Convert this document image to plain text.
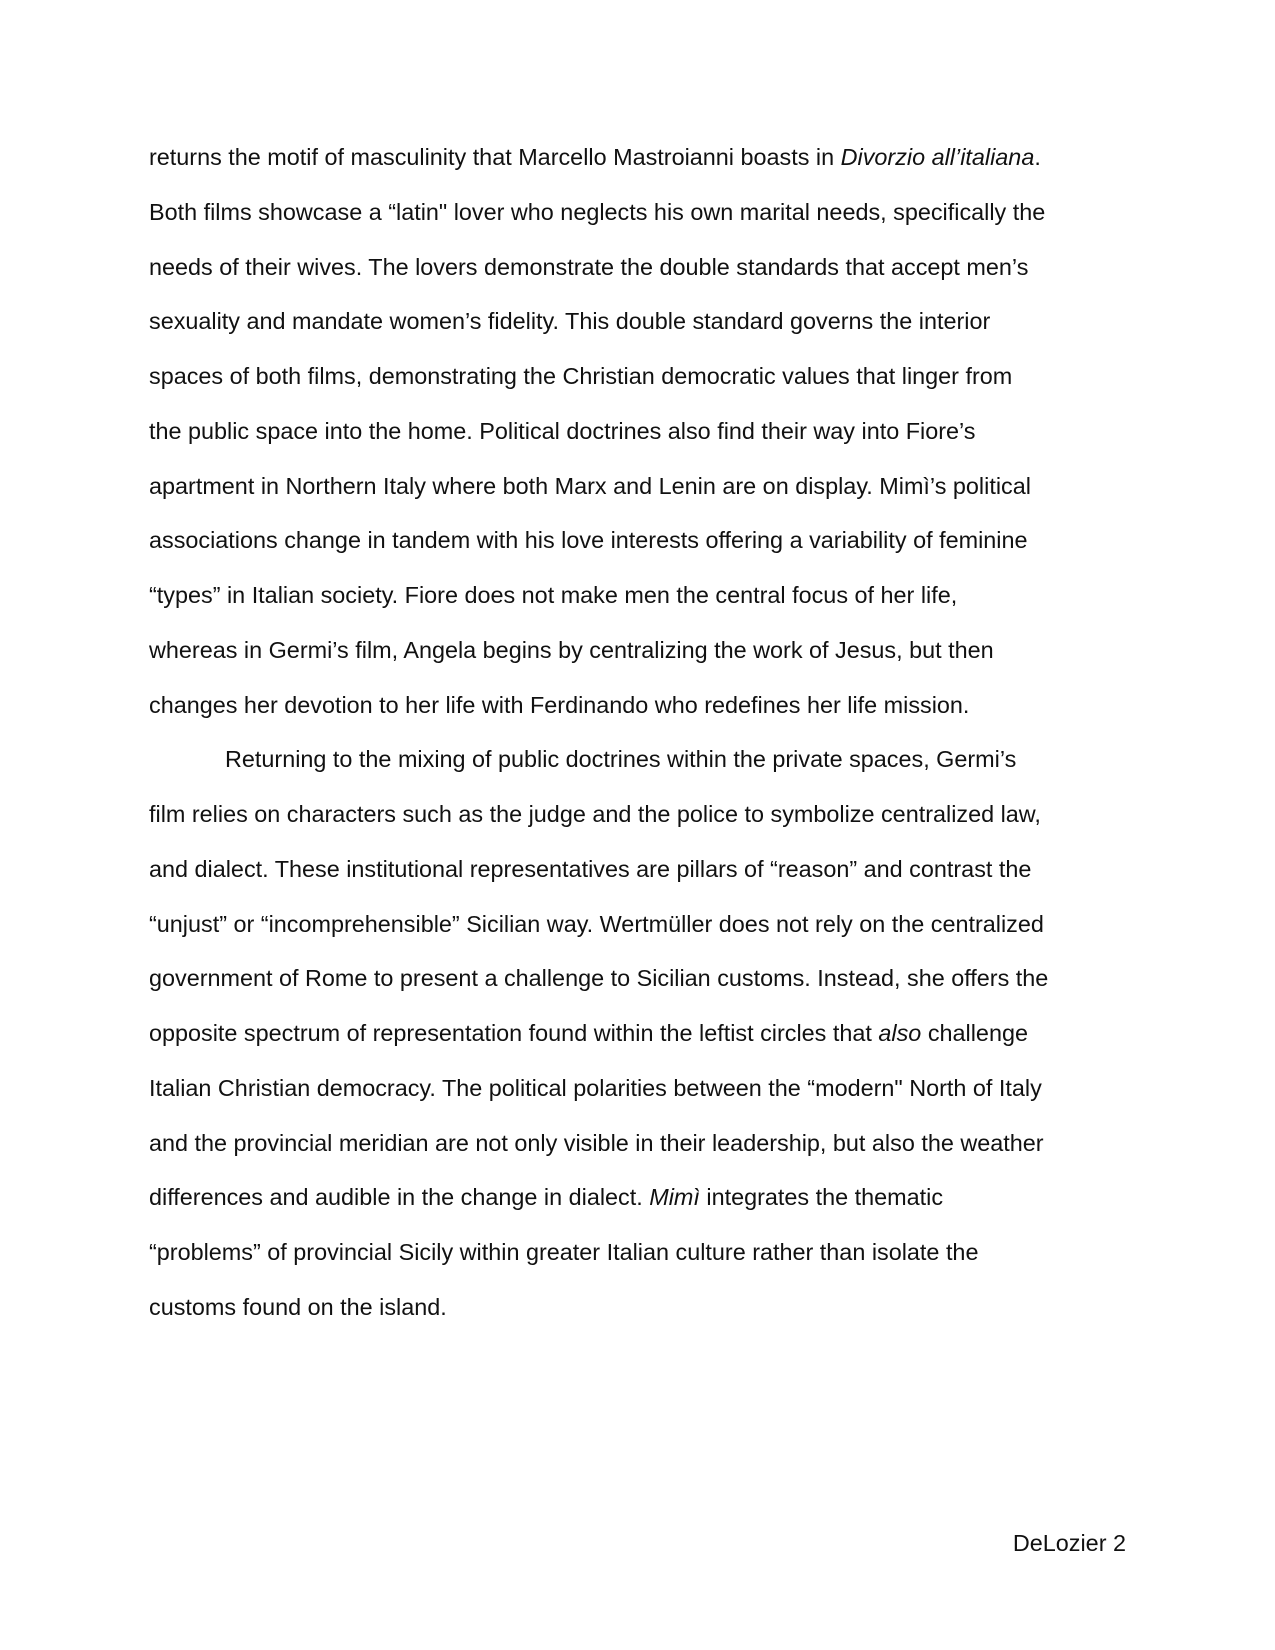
returns the motif of masculinity that Marcello Mastroianni boasts in Divorzio all’italiana.
Both films showcase a “latin" lover who neglects his own marital needs, specifically the
needs of their wives. The lovers demonstrate the double standards that accept men’s
sexuality and mandate women’s fidelity. This double standard governs the interior
spaces of both films, demonstrating the Christian democratic values that linger from
the public space into the home. Political doctrines also find their way into Fiore’s
apartment in Northern Italy where both Marx and Lenin are on display. Mimì’s political
associations change in tandem with his love interests offering a variability of feminine
“types” in Italian society. Fiore does not make men the central focus of her life,
whereas in Germi’s film, Angela begins by centralizing the work of Jesus, but then
changes her devotion to her life with Ferdinando who redefines her life mission.
Returning to the mixing of public doctrines within the private spaces, Germi’s
film relies on characters such as the judge and the police to symbolize centralized law,
and dialect. These institutional representatives are pillars of “reason” and contrast the
“unjust” or “incomprehensible” Sicilian way. Wertmüller does not rely on the centralized
government of Rome to present a challenge to Sicilian customs. Instead, she offers the
opposite spectrum of representation found within the leftist circles that also challenge
Italian Christian democracy. The political polarities between the “modern" North of Italy
and the provincial meridian are not only visible in their leadership, but also the weather
differences and audible in the change in dialect. Mimì integrates the thematic
“problems” of provincial Sicily within greater Italian culture rather than isolate the
customs found on the island.
DeLozier 2
